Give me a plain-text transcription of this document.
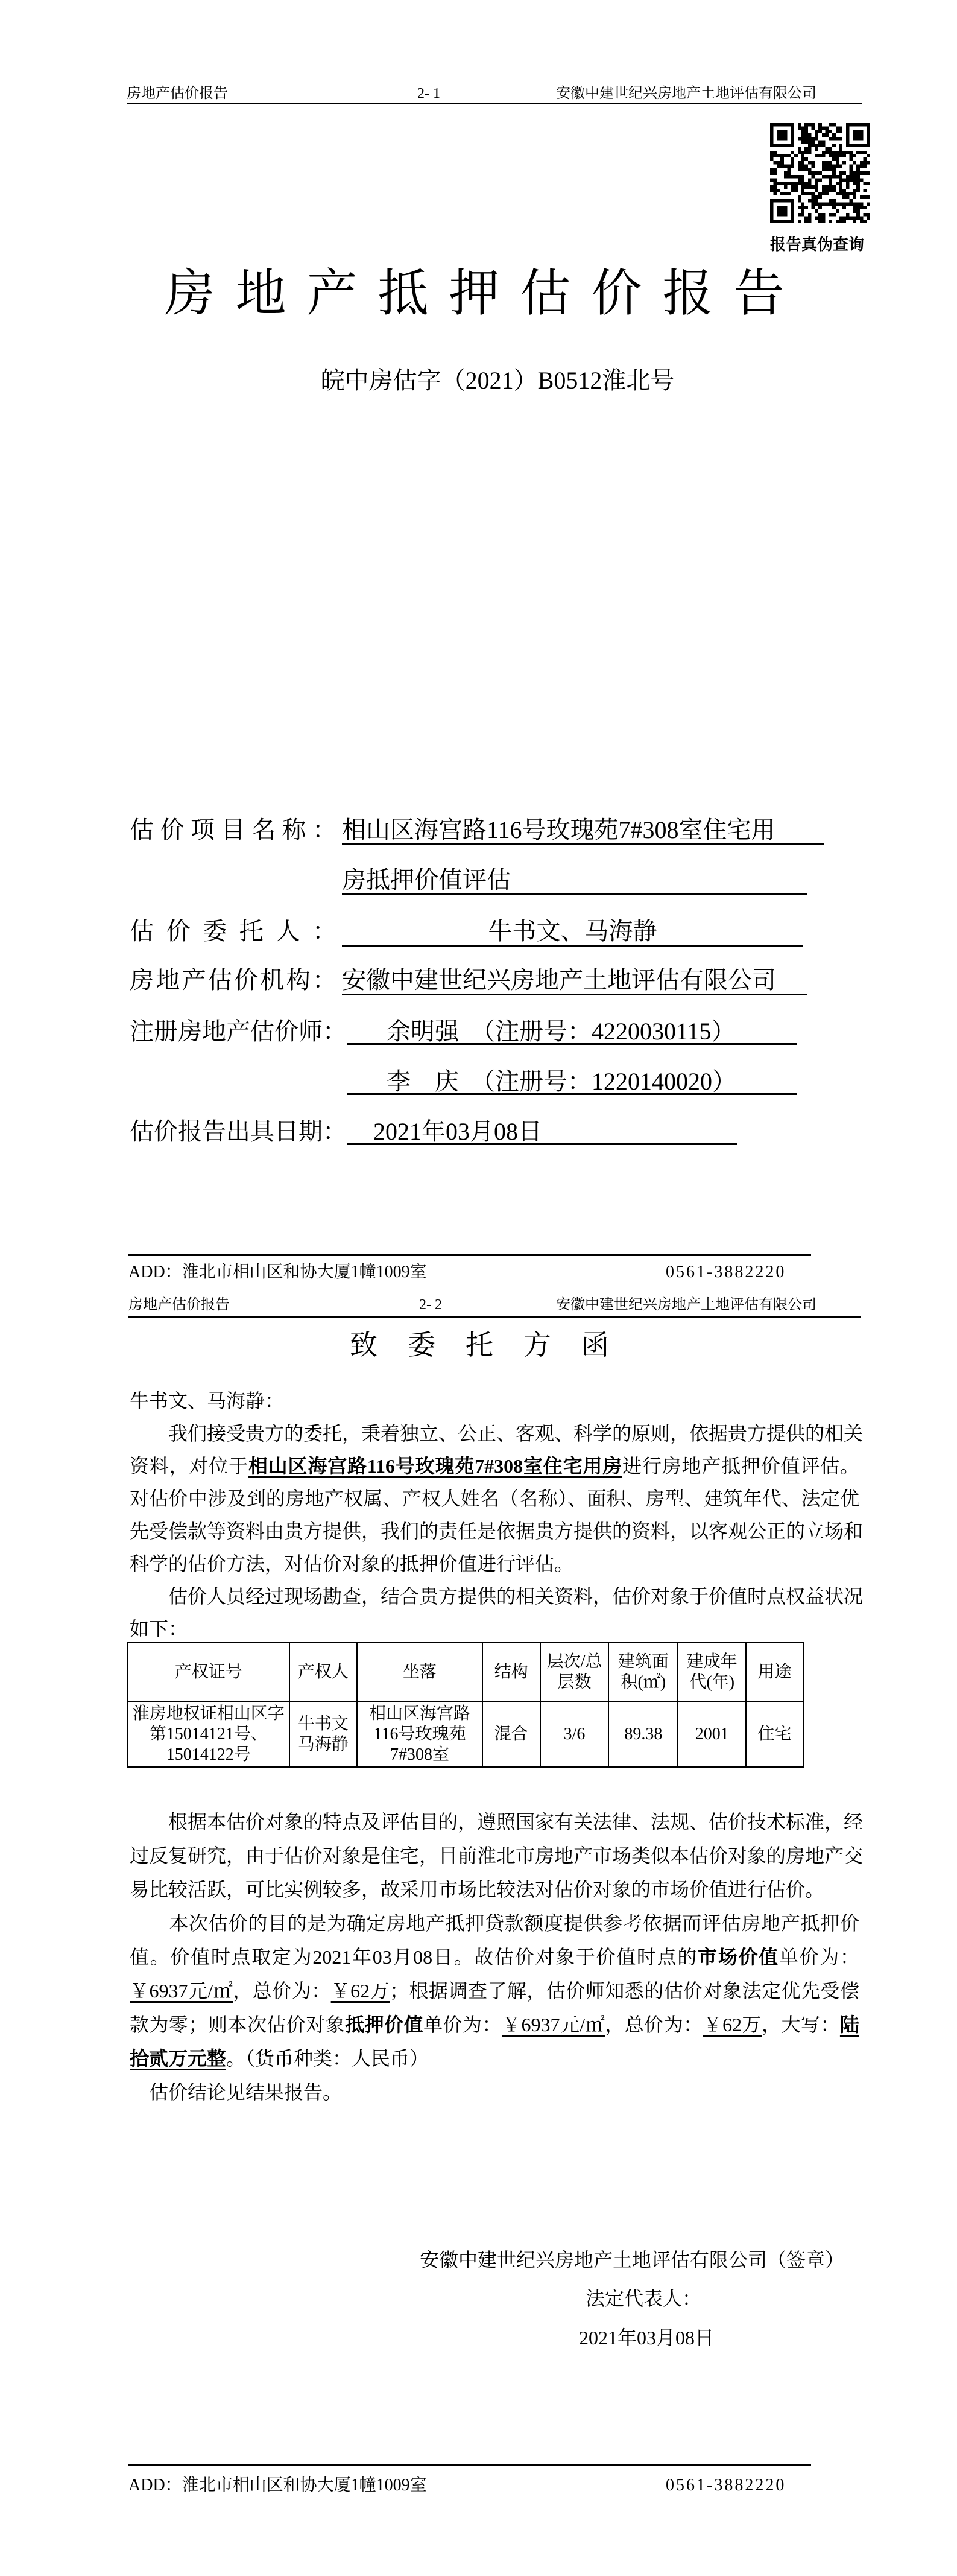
房地产估价报告	2- 1	安徽中建世纪兴房地产土地评估有限公司
报告真伪查询
房地产抵押估价报告
皖中房估字（2021）B0512淮北号
估价项目名称： 相山区海宫路116号玫瑰苑7#308室住宅用
房抵押价值评估
估价委托人：	牛书文、马海静
房地产估价机构： 安徽中建世纪兴房地产土地评估有限公司
注册房地产估价师：	余明强　（注册号：4220030115）
李　庆　（注册号：1220140020）
估价报告出具日期：	2021年03月08日
ADD：淮北市相山区和协大厦1幢1009室	0561-3882220
房地产估价报告	2- 2	安徽中建世纪兴房地产土地评估有限公司
致委托方函
牛书文、马海静：
　　我们接受贵方的委托，秉着独立、公正、客观、科学的原则，依据贵方提供的相关
资料，对位于相山区海宫路116号玫瑰苑7#308室住宅用房进行房地产抵押价值评估。
对估价中涉及到的房地产权属、产权人姓名（名称）、面积、房型、建筑年代、法定优
先受偿款等资料由贵方提供，我们的责任是依据贵方提供的资料，以客观公正的立场和
科学的估价方法，对估价对象的抵押价值进行评估。
　　估价人员经过现场勘查，结合贵方提供的相关资料，估价对象于价值时点权益状况
如下：
产权证号	产权人	坐落	结构	层次/总层数	建筑面积(㎡)	建成年代(年)	用途
淮房地权证相山区字第15014121号、15014122号	牛书文马海静	相山区海宫路116号玫瑰苑7#308室	混合	3/6	89.38	2001	住宅
　　根据本估价对象的特点及评估目的，遵照国家有关法律、法规、估价技术标准，经
过反复研究，由于估价对象是住宅，目前淮北市房地产市场类似本估价对象的房地产交
易比较活跃，可比实例较多，故采用市场比较法对估价对象的市场价值进行估价。
　　本次估价的目的是为确定房地产抵押贷款额度提供参考依据而评估房地产抵押价
值。价值时点取定为2021年03月08日。故估价对象于价值时点的市场价值单价为：
￥6937元/㎡，总价为：￥62万；根据调查了解，估价师知悉的估价对象法定优先受偿
款为零；则本次估价对象抵押价值单价为：￥6937元/㎡，总价为：￥62万，大写：陆
拾贰万元整。（货币种类：人民币）
　估价结论见结果报告。
安徽中建世纪兴房地产土地评估有限公司（签章）
法定代表人：
2021年03月08日
ADD：淮北市相山区和协大厦1幢1009室	0561-3882220
